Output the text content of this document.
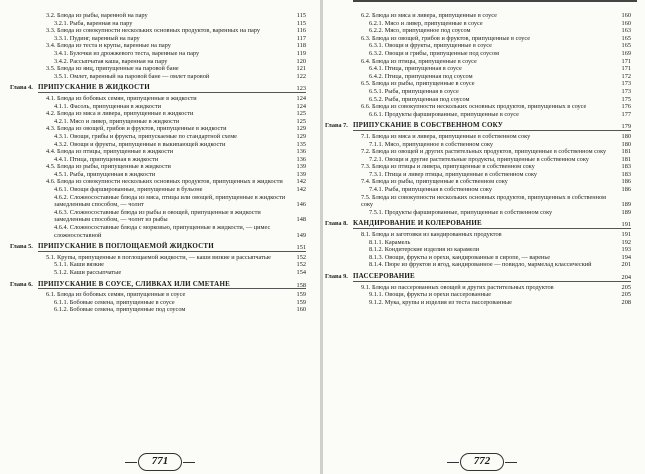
3.2. Блюда из рыбы, варенной на пару	115
3.2.1. Рыба, варенная на пару	115
3.3. Блюда из совокупности нескольких основных продуктов, варенных на пару	116
3.3.1. Пудинг, варенный на пару	117
3.4. Блюда из теста и крупы, варенные на пару	118
3.4.1. Булочки из дрожжевого теста, варенные на пару	119
3.4.2. Рассыпчатая каша, варенная на пару	120
3.5. Блюда из яиц, припущенные на паровой бане	121
3.5.1. Омлет, варенный на паровой бане — омлет паровой	122
Глава 4. ПРИПУСКАНИЕ В ЖИДКОСТИ	123
4.1. Блюда из бобовых семян, припущенные в жидкости	124
4.1.1. Фасоль, припущенная в жидкости	124
4.2. Блюда из мяса и ливера, припущенные в жидкости	125
4.2.1. Мясо и ливер, припущенные в жидкости	125
4.3. Блюда из овощей, грибов и фруктов, припущенные в жидкости	129
4.3.1. Овощи, грибы и фрукты, припускаемые по стандартной схеме	129
4.3.2. Овощи и фрукты, припущенные в выкипающей жидкости	135
4.4. Блюда из птицы, припущенные в жидкости	136
4.4.1. Птица, припущенная в жидкости	136
4.5. Блюда из рыбы, припущенные в жидкости	139
4.5.1. Рыба, припущенная в жидкости	139
4.6. Блюда из совокупности нескольких основных продуктов, припущенных в жидкости	142
4.6.1. Овощи фаршированные, припущенные в бульоне	142
4.6.2. Сложносоставные блюда из мяса, птицы или овощей, припущенные в жидкости замедленным способом, — чолнт	146
4.6.3. Сложносоставные блюда из рыбы и овощей, припущенные в жидкости замедленным способом, — чолнт из рыбы	148
4.6.4. Сложносоставные блюда с морковью, припущенные в жидкости, — цимес сложносоставной	149
Глава 5. ПРИПУСКАНИЕ В ПОГЛОЩАЕМОЙ ЖИДКОСТИ	151
5.1. Крупы, припущенные в поглощаемой жидкости, — каши вязкие и рассыпчатые	152
5.1.1. Каши вязкие	152
5.1.2. Каши рассыпчатые	154
Глава 6. ПРИПУСКАНИЕ В СОУСЕ, СЛИВКАХ ИЛИ СМЕТАНЕ	158
6.1. Блюда из бобовых семян, припущенные в соусе	159
6.1.1. Бобовые семена, припущенные в соусе	159
6.1.2. Бобовые семена, припущенные под соусом	160
771
6.2. Блюда из мяса и ливера, припущенные в соусе	160
6.2.1. Мясо и ливер, припущенные в соусе	160
6.2.2. Мясо, припущенное под соусом	163
6.3. Блюда из овощей, грибов и фруктов, припущенные в соусе	165
6.3.1. Овощи и фрукты, припущенные в соусе	165
6.3.2. Овощи и грибы, припущенные под соусом	169
6.4. Блюда из птицы, припущенные в соусе	171
6.4.1. Птица, припущенная в соусе	171
6.4.2. Птица, припущенная под соусом	172
6.5. Блюда из рыбы, припущенные в соусе	173
6.5.1. Рыба, припущенная в соусе	173
6.5.2. Рыба, припущенная под соусом	175
6.6. Блюда из совокупности нескольких основных продуктов, припущенных в соусе	176
6.6.1. Продукты фаршированные, припущенные в соусе	177
Глава 7. ПРИПУСКАНИЕ В СОБСТВЕННОМ СОКУ	179
7.1. Блюда из мяса и ливера, припущенные в собственном соку	180
7.1.1. Мясо, припущенное в собственном соку	180
7.2. Блюда из овощей и других растительных продуктов, припущенные в собственном соку	181
7.2.1. Овощи и другие растительные продукты, припущенные в собственном соку	181
7.3. Блюда из птицы и ливера, припущенные в собственном соку	183
7.3.1. Птица и ливер птицы, припущенные в собственном соку	183
7.4. Блюда из рыбы, припущенные в собственном соку	186
7.4.1. Рыба, припущенная в собственном соку	186
7.5. Блюда из совокупности нескольких основных продуктов, припущенных в собственном соку	189
7.5.1. Продукты фаршированные, припущенные в собственном соку	189
Глава 8. КАНДИРОВАНИЕ И КОЛЕРОВАНИЕ	191
8.1. Блюда и заготовки из кандированных продуктов	191
8.1.1. Карамель	192
8.1.2. Кондитерские изделия из карамели	193
8.1.3. Овощи, фрукты и орехи, кандированные в сиропе, — варенье	194
8.1.4. Пюре из фруктов и ягод, кандированное — повидло, мармелад классический	201
Глава 9. ПАССЕРОВАНИЕ	204
9.1. Блюда из пассерованных овощей и других растительных продуктов	205
9.1.1. Овощи, фрукты и орехи пассерованные	205
9.1.2. Мука, крупы и изделия из теста пассерованные	208
772
